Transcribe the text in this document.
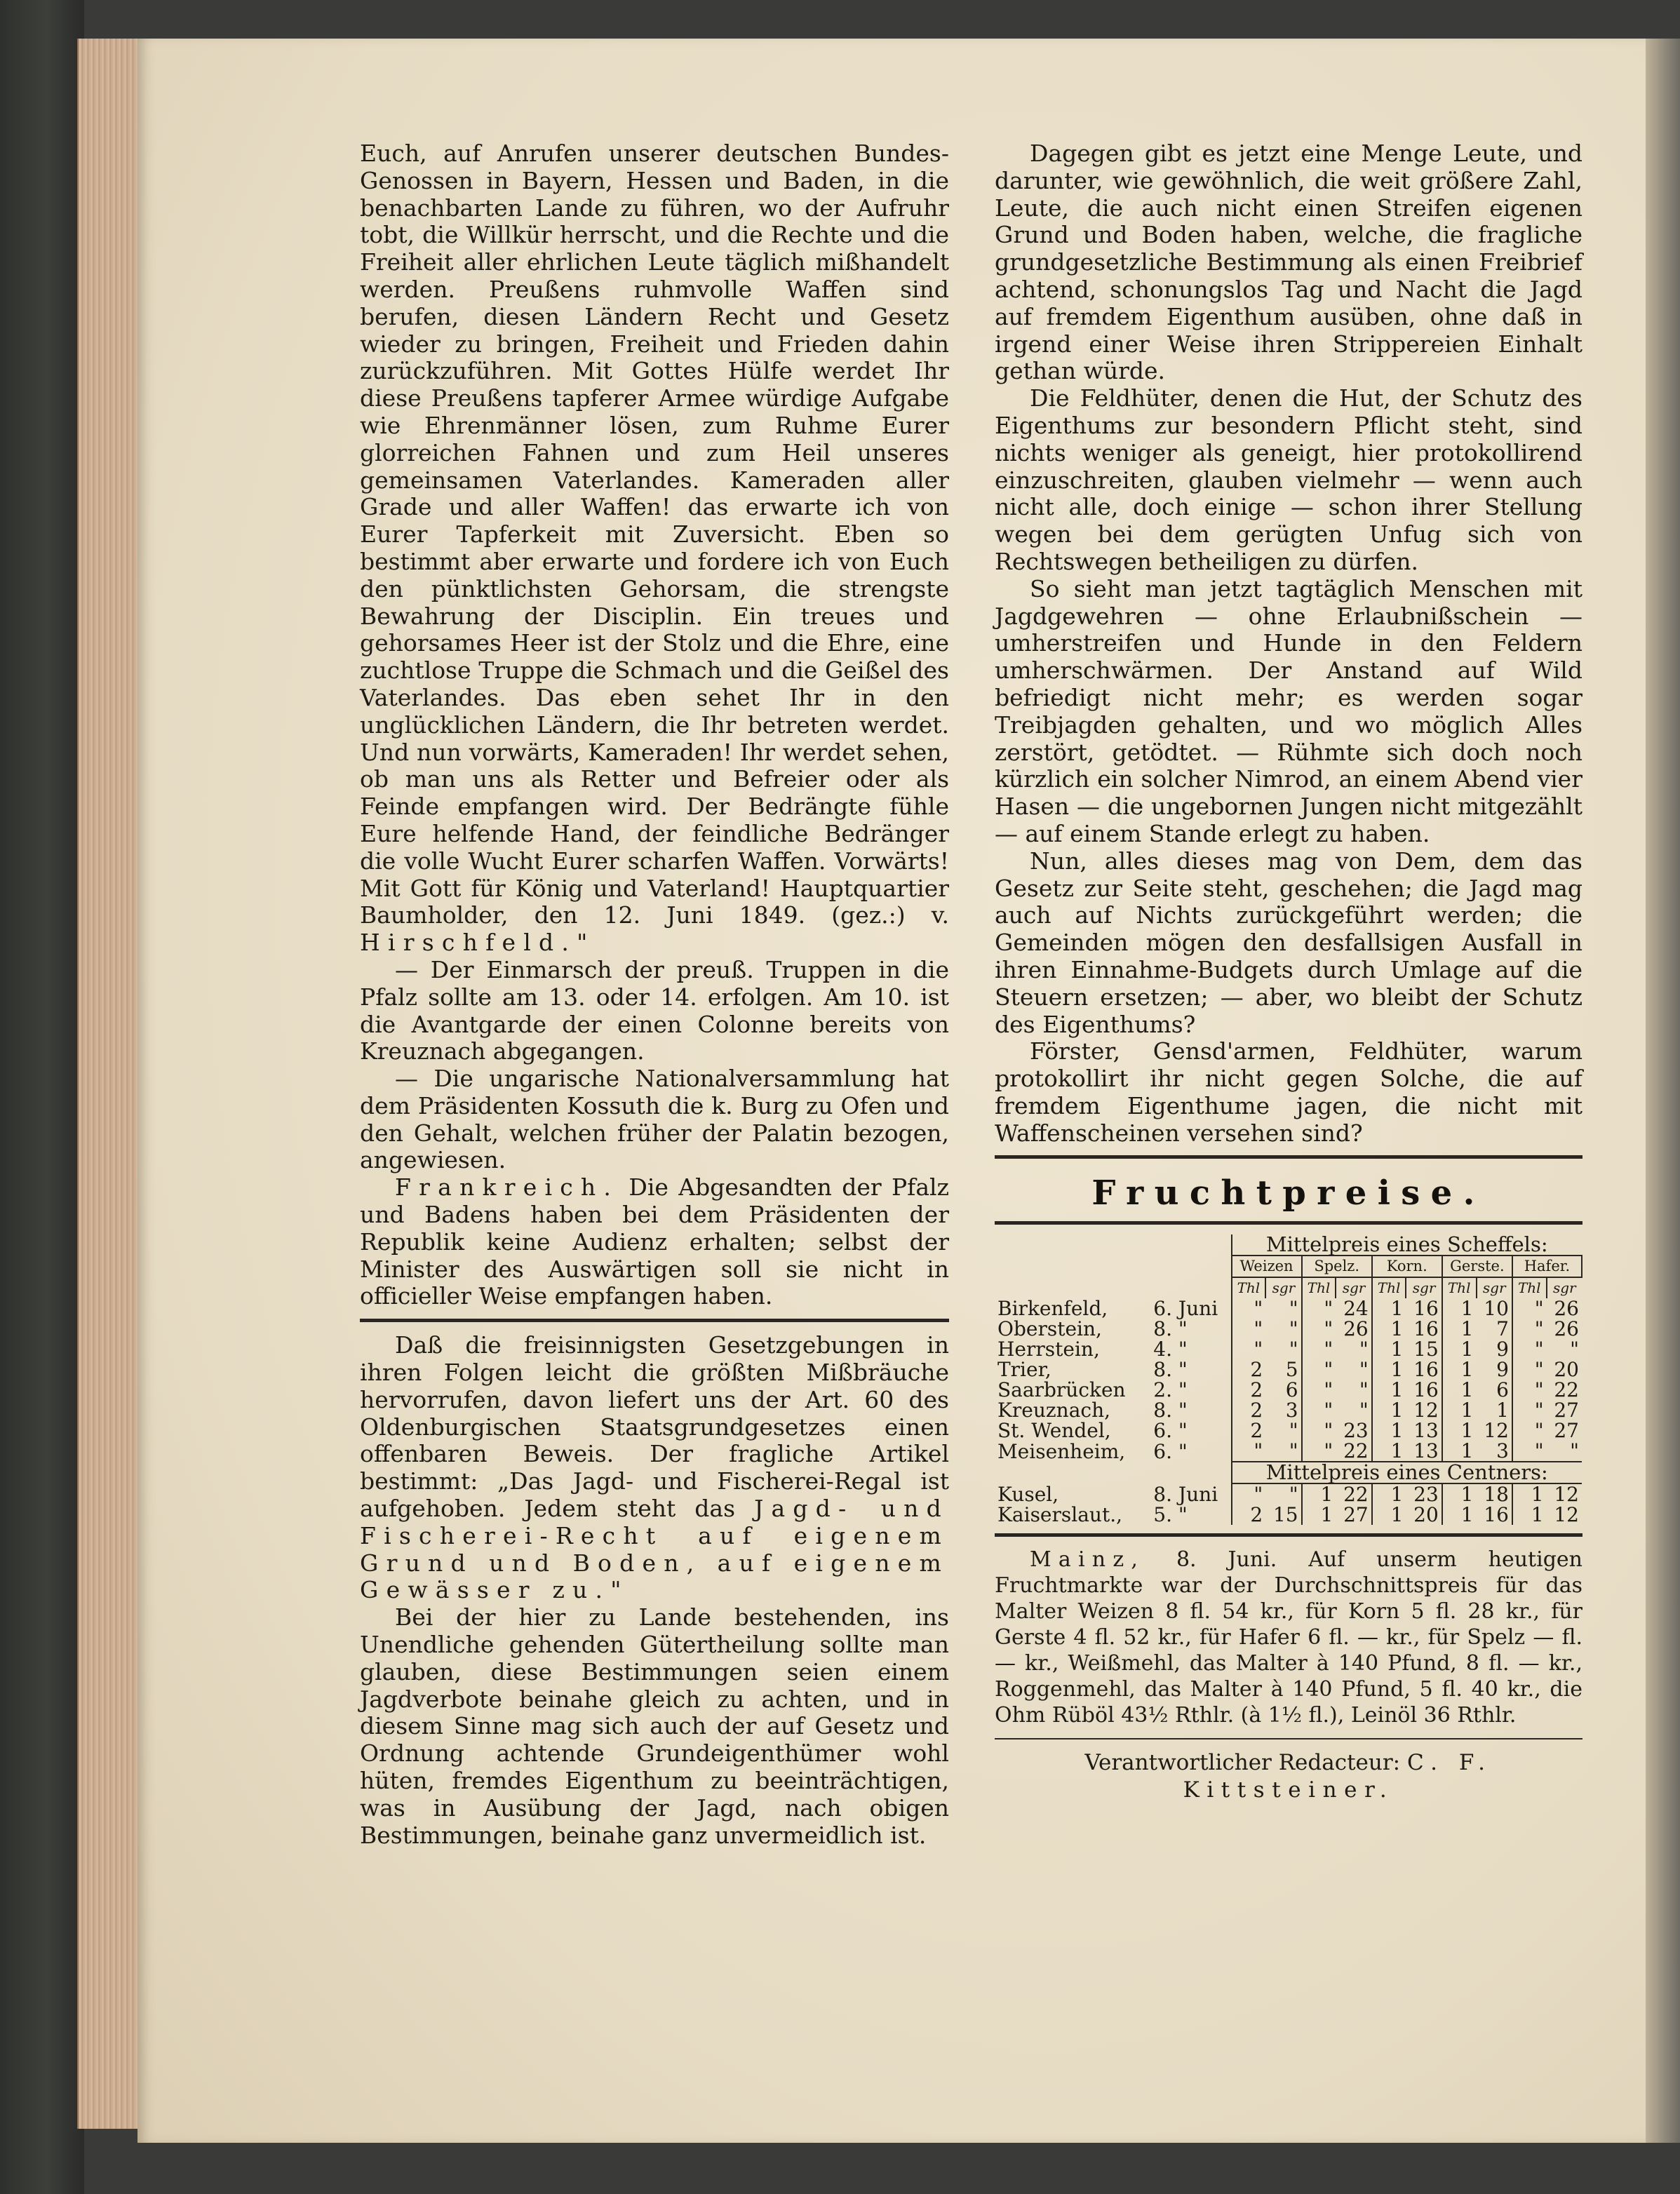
Euch, auf Anrufen unserer deutschen Bundes-Genossen in Bayern, Hessen und Baden, in die benachbarten Lande zu führen, wo der Aufruhr tobt, die Willkür herrscht, und die Rechte und die Freiheit aller ehrlichen Leute täglich mißhandelt werden. Preußens ruhmvolle Waffen sind berufen, diesen Ländern Recht und Gesetz wieder zu bringen, Freiheit und Frieden dahin zurückzuführen. Mit Gottes Hülfe werdet Ihr diese Preußens tapferer Armee würdige Aufgabe wie Ehrenmänner lösen, zum Ruhme Eurer glorreichen Fahnen und zum Heil unseres gemeinsamen Vaterlandes. Kameraden aller Grade und aller Waffen! das erwarte ich von Eurer Tapferkeit mit Zuversicht. Eben so bestimmt aber erwarte und fordere ich von Euch den pünktlichsten Gehorsam, die strengste Bewahrung der Disciplin. Ein treues und gehorsames Heer ist der Stolz und die Ehre, eine zuchtlose Truppe die Schmach und die Geißel des Vaterlandes. Das eben sehet Ihr in den unglücklichen Ländern, die Ihr betreten werdet. Und nun vorwärts, Kameraden! Ihr werdet sehen, ob man uns als Retter und Befreier oder als Feinde empfangen wird. Der Bedrängte fühle Eure helfende Hand, der feindliche Bedränger die volle Wucht Eurer scharfen Waffen. Vorwärts! Mit Gott für König und Vaterland! Hauptquartier Baumholder, den 12. Juni 1849. (gez.:) v. Hirschfeld."

— Der Einmarsch der preuß. Truppen in die Pfalz sollte am 13. oder 14. erfolgen. Am 10. ist die Avantgarde der einen Colonne bereits von Kreuznach abgegangen.

— Die ungarische Nationalversammlung hat dem Präsidenten Kossuth die k. Burg zu Ofen und den Gehalt, welchen früher der Palatin bezogen, angewiesen.

Frankreich. Die Abgesandten der Pfalz und Badens haben bei dem Präsidenten der Republik keine Audienz erhalten; selbst der Minister des Auswärtigen soll sie nicht in officieller Weise empfangen haben.

Daß die freisinnigsten Gesetzgebungen in ihren Folgen leicht die größten Mißbräuche hervorrufen, davon liefert uns der Art. 60 des Oldenburgischen Staatsgrundgesetzes einen offenbaren Beweis. Der fragliche Artikel bestimmt: „Das Jagd- und Fischerei-Regal ist aufgehoben. Jedem steht das Jagd- und Fischerei-Recht auf eigenem Grund und Boden, auf eigenem Gewässer zu."

Bei der hier zu Lande bestehenden, ins Unendliche gehenden Gütertheilung sollte man glauben, diese Bestimmungen seien einem Jagdverbote beinahe gleich zu achten, und in diesem Sinne mag sich auch der auf Gesetz und Ordnung achtende Grundeigenthümer wohl hüten, fremdes Eigenthum zu beeinträchtigen, was in Ausübung der Jagd, nach obigen Bestimmungen, beinahe ganz unvermeidlich ist.

Dagegen gibt es jetzt eine Menge Leute, und darunter, wie gewöhnlich, die weit größere Zahl, Leute, die auch nicht einen Streifen eigenen Grund und Boden haben, welche, die fragliche grundgesetzliche Bestimmung als einen Freibrief achtend, schonungslos Tag und Nacht die Jagd auf fremdem Eigenthum ausüben, ohne daß in irgend einer Weise ihren Strippereien Einhalt gethan würde.

Die Feldhüter, denen die Hut, der Schutz des Eigenthums zur besondern Pflicht steht, sind nichts weniger als geneigt, hier protokollirend einzuschreiten, glauben vielmehr — wenn auch nicht alle, doch einige — schon ihrer Stellung wegen bei dem gerügten Unfug sich von Rechtswegen betheiligen zu dürfen.

So sieht man jetzt tagtäglich Menschen mit Jagdgewehren — ohne Erlaubnißschein — umherstreifen und Hunde in den Feldern umherschwärmen. Der Anstand auf Wild befriedigt nicht mehr; es werden sogar Treibjagden gehalten, und wo möglich Alles zerstört, getödtet. — Rühmte sich doch noch kürzlich ein solcher Nimrod, an einem Abend vier Hasen — die ungebornen Jungen nicht mitgezählt — auf einem Stande erlegt zu haben.

Nun, alles dieses mag von Dem, dem das Gesetz zur Seite steht, geschehen; die Jagd mag auch auf Nichts zurückgeführt werden; die Gemeinden mögen den desfallsigen Ausfall in ihren Einnahme-Budgets durch Umlage auf die Steuern ersetzen; — aber, wo bleibt der Schutz des Eigenthums?

Förster, Gensd'armen, Feldhüter, warum protokollirt ihr nicht gegen Solche, die auf fremdem Eigenthume jagen, die nicht mit Waffenscheinen versehen sind?

Fruchtpreise.
		Mittelpreis eines Scheffels:									
		Weizen		Spelz.		Korn.		Gerste.		Hafer.	
		Thl	sgr	Thl	sgr	Thl	sgr	Thl	sgr	Thl	sgr
Birkenfeld,	6. Juni	"	"	"	24	1	16	1	10	"	26
Oberstein,	8. "	"	"	"	26	1	16	1	7	"	26
Herrstein,	4. "	"	"	"	"	1	15	1	9	"	"
Trier,	8. "	2	5	"	"	1	16	1	9	"	20
Saarbrücken	2. "	2	6	"	"	1	16	1	6	"	22
Kreuznach,	8. "	2	3	"	"	1	12	1	1	"	27
St. Wendel,	6. "	2	"	"	23	1	13	1	12	"	27
Meisenheim,	6. "	"	"	"	22	1	13	1	3	"	"
		Mittelpreis eines Centners:									
Kusel,	8. Juni	"	"	1	22	1	23	1	18	1	12
Kaiserslaut.,	5. "	2	15	1	27	1	20	1	16	1	12

Mainz, 8. Juni. Auf unserm heutigen Fruchtmarkte war der Durchschnittspreis für das Malter Weizen 8 fl. 54 kr., für Korn 5 fl. 28 kr., für Gerste 4 fl. 52 kr., für Hafer 6 fl. — kr., für Spelz — fl. — kr., Weißmehl, das Malter à 140 Pfund, 8 fl. — kr., Roggenmehl, das Malter à 140 Pfund, 5 fl. 40 kr., die Ohm Rüböl 43½ Rthlr. (à 1½ fl.), Leinöl 36 Rthlr.

Verantwortlicher Redacteur: C. F. Kittsteiner.
